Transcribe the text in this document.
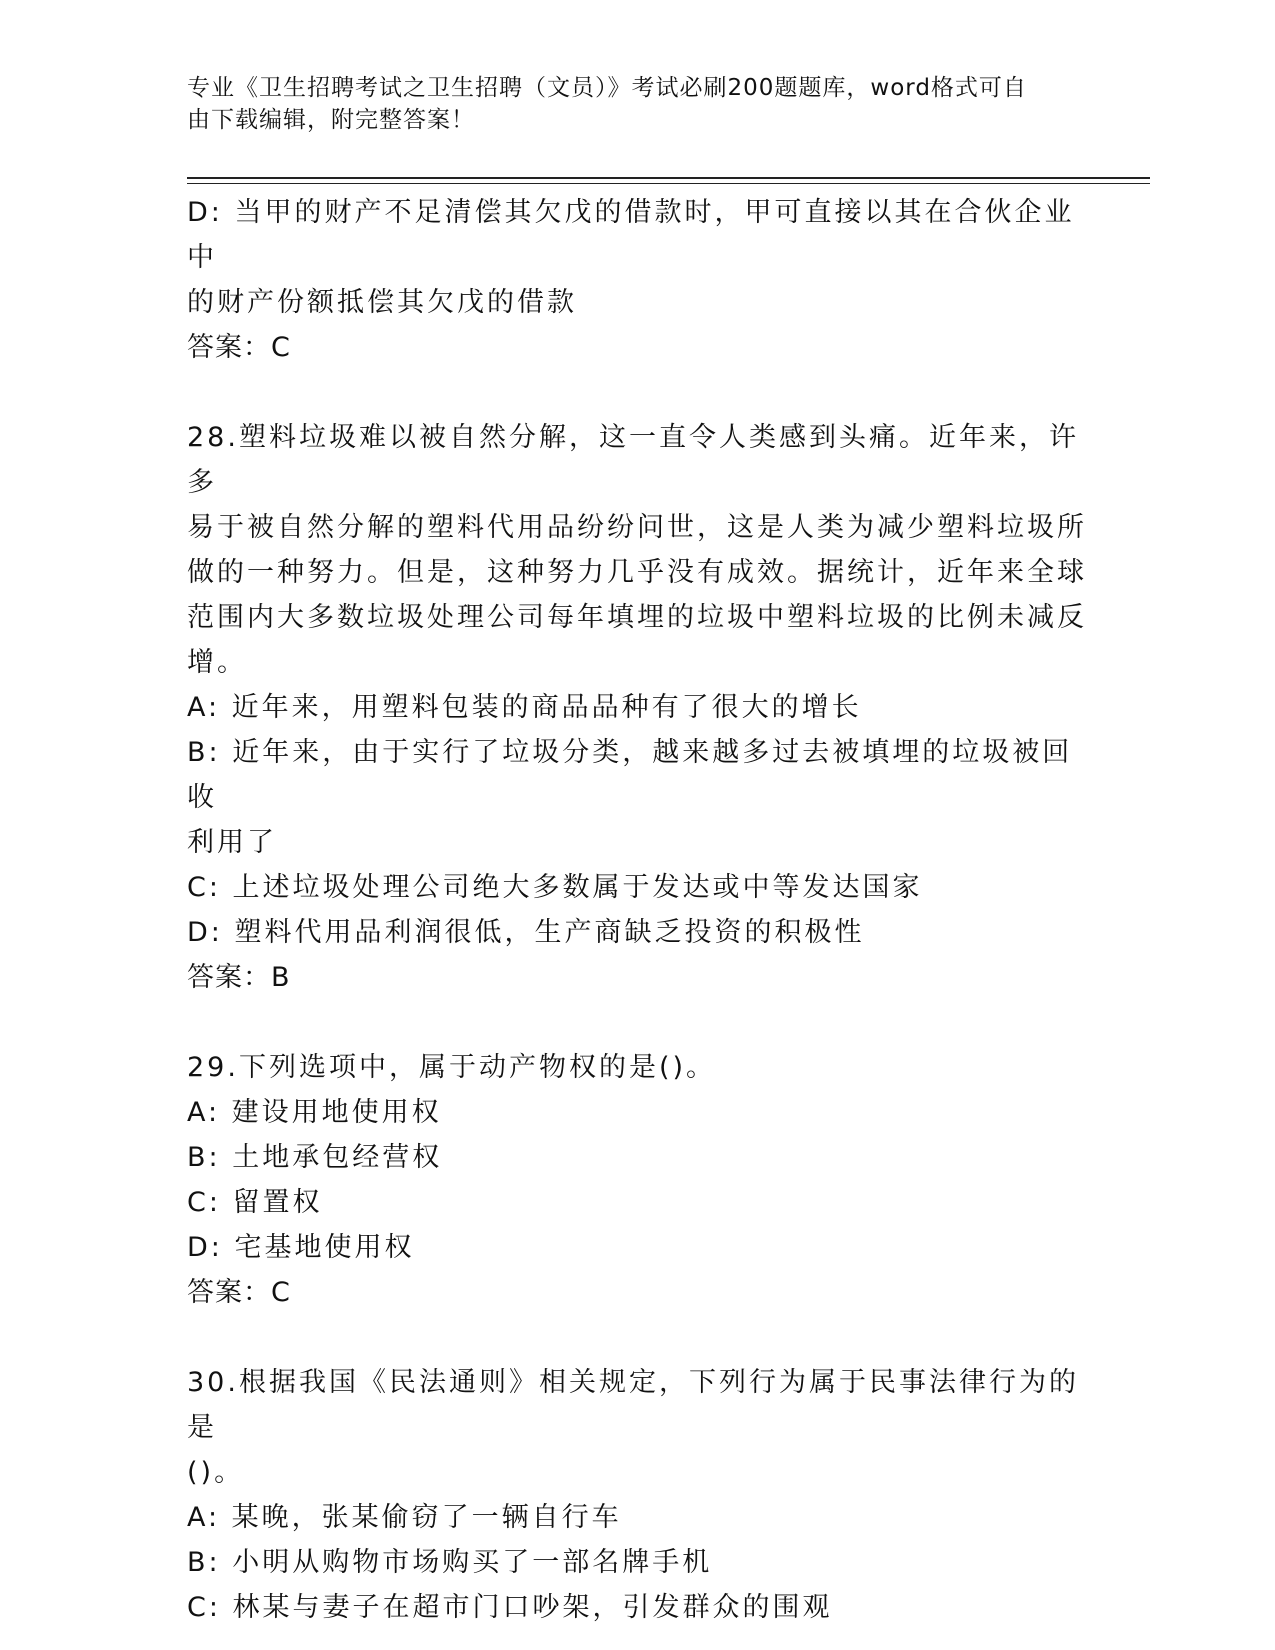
专业《卫生招聘考试之卫生招聘（文员）》考试必刷200题题库，word格式可自
由下载编辑，附完整答案！
D: 当甲的财产不足清偿其欠戊的借款时，甲可直接以其在合伙企业中
的财产份额抵偿其欠戊的借款
答案：C
28.塑料垃圾难以被自然分解，这一直令人类感到头痛。近年来，许多
易于被自然分解的塑料代用品纷纷问世，这是人类为减少塑料垃圾所
做的一种努力。但是，这种努力几乎没有成效。据统计，近年来全球
范围内大多数垃圾处理公司每年填埋的垃圾中塑料垃圾的比例未减反
增。
A: 近年来，用塑料包装的商品品种有了很大的增长
B: 近年来，由于实行了垃圾分类，越来越多过去被填埋的垃圾被回收
利用了
C: 上述垃圾处理公司绝大多数属于发达或中等发达国家
D: 塑料代用品利润很低，生产商缺乏投资的积极性
答案：B
29.下列选项中，属于动产物权的是()。
A: 建设用地使用权
B: 土地承包经营权
C: 留置权
D: 宅基地使用权
答案：C
30.根据我国《民法通则》相关规定，下列行为属于民事法律行为的是
()。
A: 某晚，张某偷窃了一辆自行车
B: 小明从购物市场购买了一部名牌手机
C: 林某与妻子在超市门口吵架，引发群众的围观
